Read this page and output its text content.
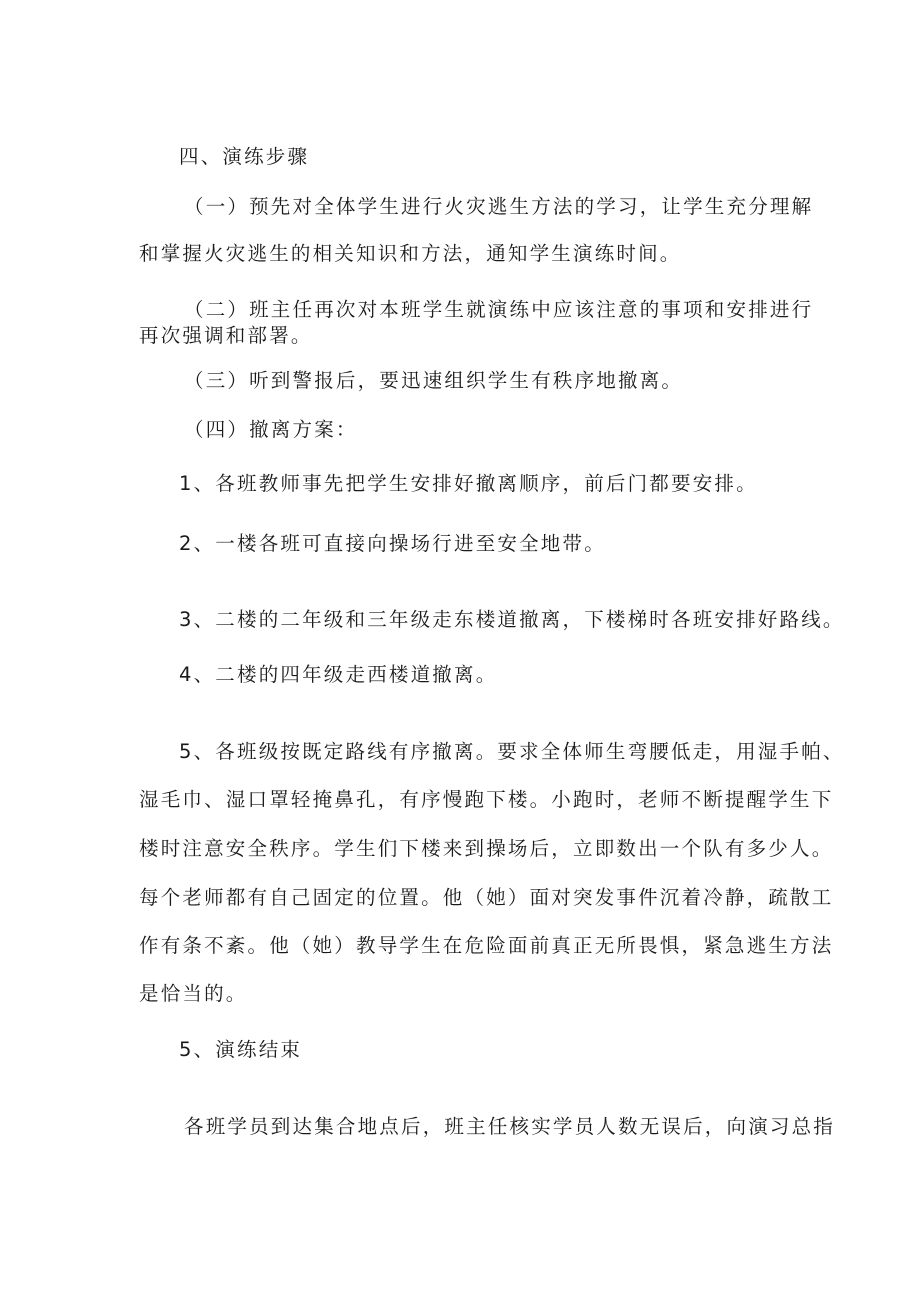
四、演练步骤
（一）预先对全体学生进行火灾逃生方法的学习，让学生充分理解
和掌握火灾逃生的相关知识和方法，通知学生演练时间。
（二）班主任再次对本班学生就演练中应该注意的事项和安排进行
再次强调和部署。
（三）听到警报后，要迅速组织学生有秩序地撤离。
（四）撤离方案：
1、各班教师事先把学生安排好撤离顺序，前后门都要安排。
2、一楼各班可直接向操场行进至安全地带。
3、二楼的二年级和三年级走东楼道撤离，下楼梯时各班安排好路线。
4、二楼的四年级走西楼道撤离。
5、各班级按既定路线有序撤离。要求全体师生弯腰低走，用湿手帕、
湿毛巾、湿口罩轻掩鼻孔，有序慢跑下楼。小跑时，老师不断提醒学生下
楼时注意安全秩序。学生们下楼来到操场后，立即数出一个队有多少人。
每个老师都有自己固定的位置。他（她）面对突发事件沉着冷静，疏散工
作有条不紊。他（她）教导学生在危险面前真正无所畏惧，紧急逃生方法
是恰当的。
5、演练结束
各班学员到达集合地点后，班主任核实学员人数无误后，向演习总指
